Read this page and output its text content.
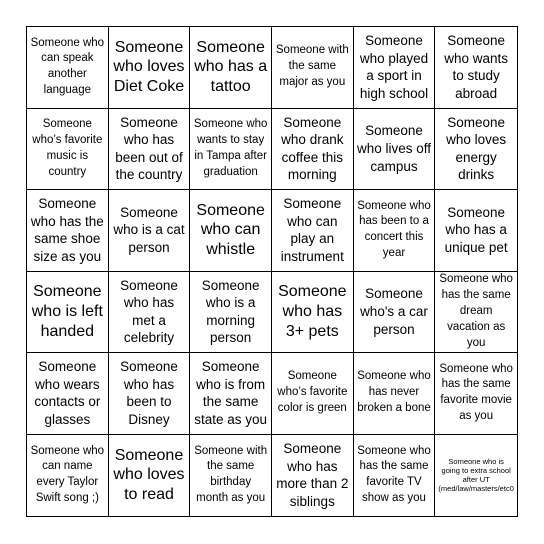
Someone who can speak another language
Someone who loves Diet Coke
Someone who has a tattoo
Someone with the same major as you
Someone who played a sport in high school
Someone who wants to study abroad
Someone who’s favorite music is country
Someone who has been out of the country
Someone who wants to stay in Tampa after graduation
Someone who drank coffee this morning
Someone who lives off campus
Someone who loves energy drinks
Someone who has the same shoe size as you
Someone who is a cat person
Someone who can whistle
Someone who can play an instrument
Someone who has been to a concert this year
Someone who has a unique pet
Someone who is left handed
Someone who has met a celebrity
Someone who is a morning person
Someone who has 3+ pets
Someone who's a car person
Someone who has the same dream vacation as you
Someone who wears contacts or glasses
Someone who has been to Disney
Someone who is from the same state as you
Someone who’s favorite color is green
Someone who has never broken a bone
Someone who has the same favorite movie as you
Someone who can name every Taylor Swift song ;)
Someone who loves to read
Someone with the same birthday month as you
Someone who has more than 2 siblings
Someone who has the same favorite TV show as you
Someone who is going to extra school after UT (med/law/masters/etc0
